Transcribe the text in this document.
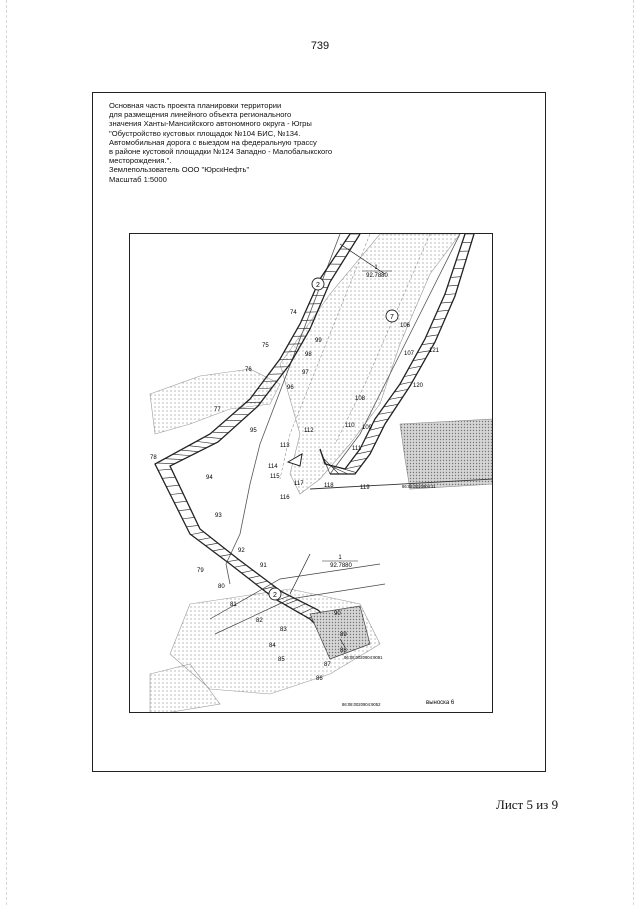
739
Основная часть проекта планировки территории
для размещения линейного объекта регионального
значения Ханты-Мансийского автономного округа - Югры
"Обустройство кустовых площадок №104 БИС, №134.
Автомобильная дорога с выездом на федеральную трассу
в районе кустовой площадки №124 Западно - Малобалыкского
месторождения.".
Землепользователь ООО "ЮрскНефть"
Масштаб 1:5000
2
7
2
1
92.7880
1
92.7880
86:08:0020904:11
86:08:0020904:9081
86:08:0020904:9052	выноска 6
74
75
76
77
78
79
80
81
82
83
84
85
86
87
88
89
90
91
92
93
94
95
96
97
98
99
106
107
108
109
110
111
112
113
114
115
116
117	118	119
120
121
Лист 5 из 9
